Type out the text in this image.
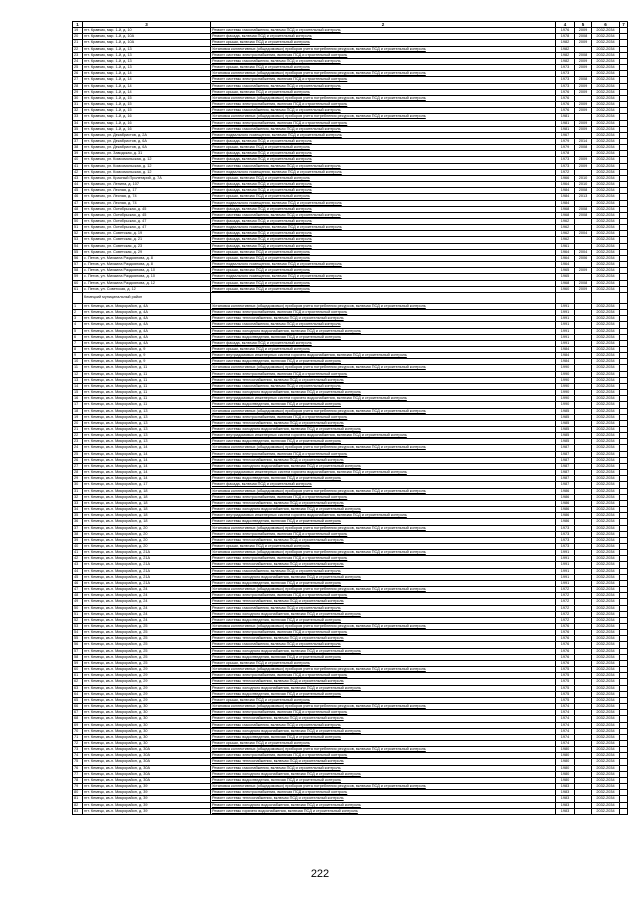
1	3	2	4	5	6	7
19	пгт. Кравчик, мкр. 1-й, д. 10	Ремонт системы газоснабжения, включая ПСД и строительный контроль	1976	2009	2032-2034	
20	пгт. Кравчик, мкр. 1-й, д. 10А	Ремонт фасада, включая ПСД и строительный контроль	1978	2008	2032-2034	
21	пгт. Кравчик, мкр. 1-й, д. 10А	Ремонт крыши, включая ПСД и строительный контроль	1982	2009	2032-2034	
22	пгт. Кравчик, мкр. 1-й, д. 13	Установка коллективных (общедомовых) приборов учета потребления ресурсов, включая ПСД и строительный контроль	1982		2032-2034	
23	пгт. Кравчик, мкр. 1-й, д. 13	Ремонт системы электроснабжения, включая ПСД и строительный контроль	1982	2008	2032-2034	
24	пгт. Кравчик, мкр. 1-й, д. 13	Ремонт системы газоснабжения, включая ПСД и строительный контроль	1982	2009	2032-2034	
25	пгт. Кравчик, мкр. 1-й, д. 13	Ремонт крыши, включая ПСД и строительный контроль	1973	2009	2032-2034	
26	пгт. Кравчик, мкр. 1-й, д. 14	Установка коллективных (общедомовых) приборов учета потребления ресурсов, включая ПСД и строительный контроль	1973		2032-2034	
27	пгт. Кравчик, мкр. 1-й, д. 14	Ремонт системы электроснабжения, включая ПСД и строительный контроль	1973	2008	2032-2034	
28	пгт. Кравчик, мкр. 1-й, д. 14	Ремонт системы газоснабжения, включая ПСД и строительный контроль	1973	2009	2032-2034	
29	пгт. Кравчик, мкр. 1-й, д. 14	Ремонт крыши, включая ПСД и строительный контроль	1976	2009	2032-2034	
30	пгт. Кравчик, мкр. 1-й, д. 15	Установка коллективных (общедомовых) приборов учета потребления ресурсов, включая ПСД и строительный контроль	1976		2032-2034	
31	пгт. Кравчик, мкр. 1-й, д. 15	Ремонт системы электроснабжения, включая ПСД и строительный контроль	1976	2009	2032-2034	
32	пгт. Кравчик, мкр. 1-й, д. 15	Ремонт системы газоснабжения, включая ПСД и строительный контроль	1976	2009	2032-2034	
33	пгт. Кравчик, мкр. 1-й, д. 16	Установка коллективных (общедомовых) приборов учета потребления ресурсов, включая ПСД и строительный контроль	1981		2032-2034	
34	пгт. Кравчик, мкр. 1-й, д. 16	Ремонт системы электроснабжения, включая ПСД и строительный контроль	1981	2009	2032-2034	
35	пгт. Кравчик, мкр. 1-й, д. 16	Ремонт системы газоснабжения, включая ПСД и строительный контроль	1981	2009	2032-2034	
36	пгт. Кравчик, ул. Декабристов, д. 2А	Ремонт подвального помещения, включая ПСД и строительный контроль	1967		2032-2034	
37	пгт. Кравчик, ул. Декабристов, д. 6А	Ремонт фасада, включая ПСД и строительный контроль	1979	2014	2032-2034	
38	пгт. Кравчик, ул. Декабристов, д. 6А	Ремонт крыши, включая ПСД и строительный контроль	1979	2008	2032-2034	
39	пгт. Кравчик, ул. Заводская, д. 31	Ремонт фасада, включая ПСД и строительный контроль	1978		2032-2034	
40	пгт. Кравчик, ул. Комсомольская, д. 12	Ремонт фасада, включая ПСД и строительный контроль	1973	2009	2032-2034	
41	пгт. Кравчик, ул. Комсомольская, д. 12	Ремонт системы газоснабжения, включая ПСД и строительный контроль	1973	2009	2032-2034	
42	пгт. Кравчик, ул. Комсомольская, д. 12	Ремонт подвального помещения, включая ПСД и строительный контроль	1972		2032-2034	
43	пгт. Кравчик, ул. Красный Пролетарий, д. 7А	Ремонт крыши, включая ПСД и строительный контроль	1966	2010	2032-2034	
44	пгт. Кравчик, ул. Ленина, д. 107	Ремонт фасада, включая ПСД и строительный контроль	1964	2010	2032-2034	
45	пгт. Кравчик, ул. Лесная, д. 17	Ремонт фасада, включая ПСД и строительный контроль	1984	2008	2032-2034	
46	пгт. Кравчик, ул. Лесная, д. 74	Ремонт крыши, включая ПСД и строительный контроль	1984	2013	2032-2034	
47	пгт. Кравчик, ул. Лесная, д. 74	Ремонт подвального помещения, включая ПСД и строительный контроль	1984		2032-2034	
48	пгт. Кравчик, ул. Октябрьская, д. 45	Ремонт фасада, включая ПСД и строительный контроль	1968	2008	2032-2034	
49	пгт. Кравчик, ул. Октябрьская, д. 45	Ремонт системы газоснабжения, включая ПСД и строительный контроль	1968	2008	2032-2034	
50	пгт. Кравчик, ул. Октябрьская, д. 47	Ремонт фасада, включая ПСД и строительный контроль	1962		2032-2034	
51	пгт. Кравчик, ул. Октябрьская, д. 47	Ремонт подвального помещения, включая ПСД и строительный контроль	1962		2032-2034	
52	пгт. Кравчик, ул. Советская, д. 19	Ремонт фасада, включая ПСД и строительный контроль	1962	2004	2032-2034	
53	пгт. Кравчик, ул. Советская, д. 21	Ремонт фасада, включая ПСД и строительный контроль	1962		2032-2034	
54	пгт. Кравчик, ул. Советская, д. 23	Ремонт фасада, включая ПСД и строительный контроль	1961		2032-2034	
55	пгт. Кравчик, ул. Советская, д. 29	Ремонт крыши, включая ПСД и строительный контроль	1964	2004	2032-2034	
56	с. Петов, ул. Михаила Раздоянова, д. 8	Ремонт крыши, включая ПСД и строительный контроль	1964	2006	2032-2034	
57	с. Петов, ул. Михаила Раздоянова, д. 8	Ремонт подвального помещения, включая ПСД и строительный контроль	1964		2032-2034	
58	с. Петов, ул. Михаила Раздоянова, д. 10	Ремонт крыши, включая ПСД и строительный контроль	1965	2009	2032-2034	
59	с. Петов, ул. Михаила Раздоянова, д. 10	Ремонт подвального помещения, включая ПСД и строительный контроль	1965		2032-2034	
60	с. Петов, ул. Михаила Раздоянова, д. 12	Ремонт крыши, включая ПСД и строительный контроль	1968	2008	2032-2034	
61	с. Петов, ул. Советская, д. 12	Ремонт крыши, включая ПСД и строительный контроль	1960	2009	2032-2034	
	Кемецкий муниципальный район					
1	пгт. Кемецк, кв-л. Микрорайон, д. 4А	Установка коллективных (общедомовых) приборов учета потребления ресурсов, включая ПСД и строительный контроль	1991		2032-2034	
2	пгт. Кемецк, кв-л. Микрорайон, д. 4А	Ремонт системы электроснабжения, включая ПСД и строительный контроль	1991		2032-2034	
3	пгт. Кемецк, кв-л. Микрорайон, д. 4А	Ремонт системы теплоснабжения, включая ПСД и строительный контроль	1991		2032-2034	
4	пгт. Кемецк, кв-л. Микрорайон, д. 4А	Ремонт системы газоснабжения, включая ПСД и строительный контроль	1991		2032-2034	
5	пгт. Кемецк, кв-л. Микрорайон, д. 4А	Ремонт системы холодного водоснабжения, включая ПСД и строительный контроль	1991		2032-2034	
6	пгт. Кемецк, кв-л. Микрорайон, д. 4А	Ремонт системы водоотведения, включая ПСД и строительный контроль	1991		2032-2034	
7	пгт. Кемецк, кв-л. Микрорайон, д. 4А	Ремонт фасада, включая ПСД и строительный контроль	1991		2032-2034	
8	пгт. Кемецк, кв-л. Микрорайон, д. 9	Ремонт крыши, включая ПСД и строительный контроль	1984		2032-2034	
9	пгт. Кемецк, кв-л. Микрорайон, д. 9	Ремонт внутридомовых инженерных систем горячего водоснабжения, включая ПСД и строительный контроль	1984		2032-2034	
10	пгт. Кемецк, кв-л. Микрорайон, д. 9	Ремонт системы водоотведения, включая ПСД и строительный контроль	1984		2032-2034	
11	пгт. Кемецк, кв-л. Микрорайон, д. 11	Установка коллективных (общедомовых) приборов учета потребления ресурсов, включая ПСД и строительный контроль	1990		2032-2034	
12	пгт. Кемецк, кв-л. Микрорайон, д. 11	Ремонт системы электроснабжения, включая ПСД и строительный контроль	1990		2032-2034	
13	пгт. Кемецк, кв-л. Микрорайон, д. 11	Ремонт системы теплоснабжения, включая ПСД и строительный контроль	1990		2032-2034	
14	пгт. Кемецк, кв-л. Микрорайон, д. 11	Ремонт системы газоснабжения, включая ПСД и строительный контроль	1990		2032-2034	
15	пгт. Кемецк, кв-л. Микрорайон, д. 11	Ремонт системы холодного водоснабжения, включая ПСД и строительный контроль	1990		2032-2034	
16	пгт. Кемецк, кв-л. Микрорайон, д. 11	Ремонт внутридомовых инженерных систем горячего водоснабжения, включая ПСД и строительный контроль	1990		2032-2034	
17	пгт. Кемецк, кв-л. Микрорайон, д. 11	Ремонт системы водоотведения, включая ПСД и строительный контроль	1990		2032-2034	
18	пгт. Кемецк, кв-л. Микрорайон, д. 13	Установка коллективных (общедомовых) приборов учета потребления ресурсов, включая ПСД и строительный контроль	1985		2032-2034	
19	пгт. Кемецк, кв-л. Микрорайон, д. 13	Ремонт системы электроснабжения, включая ПСД и строительный контроль	1985		2032-2034	
20	пгт. Кемецк, кв-л. Микрорайон, д. 13	Ремонт системы теплоснабжения, включая ПСД и строительный контроль	1985		2032-2034	
21	пгт. Кемецк, кв-л. Микрорайон, д. 13	Ремонт системы холодного водоснабжения, включая ПСД и строительный контроль	1985		2032-2034	
22	пгт. Кемецк, кв-л. Микрорайон, д. 13	Ремонт внутридомовых инженерных систем горячего водоснабжения, включая ПСД и строительный контроль	1985		2032-2034	
23	пгт. Кемецк, кв-л. Микрорайон, д. 13	Ремонт системы водоотведения, включая ПСД и строительный контроль	1985		2032-2034	
24	пгт. Кемецк, кв-л. Микрорайон, д. 14	Установка коллективных (общедомовых) приборов учета потребления ресурсов, включая ПСД и строительный контроль	1987		2032-2034	
25	пгт. Кемецк, кв-л. Микрорайон, д. 14	Ремонт системы электроснабжения, включая ПСД и строительный контроль	1987		2032-2034	
26	пгт. Кемецк, кв-л. Микрорайон, д. 14	Ремонт системы теплоснабжения, включая ПСД и строительный контроль	1987		2032-2034	
27	пгт. Кемецк, кв-л. Микрорайон, д. 14	Ремонт системы холодного водоснабжения, включая ПСД и строительный контроль	1987		2032-2034	
28	пгт. Кемецк, кв-л. Микрорайон, д. 14	Ремонт внутридомовых инженерных систем горячего водоснабжения, включая ПСД и строительный контроль	1987		2032-2034	
29	пгт. Кемецк, кв-л. Микрорайон, д. 14	Ремонт системы водоотведения, включая ПСД и строительный контроль	1987		2032-2034	
30	пгт. Кемецк, кв-л. Микрорайон, д. 17	Ремонт фасада, включая ПСД и строительный контроль	1987		2032-2034	
31	пгт. Кемецк, кв-л. Микрорайон, д. 18	Установка коллективных (общедомовых) приборов учета потребления ресурсов, включая ПСД и строительный контроль	1986		2032-2034	
32	пгт. Кемецк, кв-л. Микрорайон, д. 18	Ремонт системы электроснабжения, включая ПСД и строительный контроль	1986		2032-2034	
33	пгт. Кемецк, кв-л. Микрорайон, д. 18	Ремонт системы теплоснабжения, включая ПСД и строительный контроль	1986		2032-2034	
34	пгт. Кемецк, кв-л. Микрорайон, д. 18	Ремонт системы холодного водоснабжения, включая ПСД и строительный контроль	1986		2032-2034	
35	пгт. Кемецк, кв-л. Микрорайон, д. 18	Ремонт внутридомовых инженерных систем горячего водоснабжения, включая ПСД и строительный контроль	1986		2032-2034	
36	пгт. Кемецк, кв-л. Микрорайон, д. 18	Ремонт системы водоотведения, включая ПСД и строительный контроль	1986		2032-2034	
37	пгт. Кемецк, кв-л. Микрорайон, д. 20	Установка коллективных (общедомовых) приборов учета потребления ресурсов, включая ПСД и строительный контроль	1973		2032-2034	
38	пгт. Кемецк, кв-л. Микрорайон, д. 20	Ремонт системы электроснабжения, включая ПСД и строительный контроль	1973		2032-2034	
39	пгт. Кемецк, кв-л. Микрорайон, д. 20	Ремонт системы теплоснабжения, включая ПСД и строительный контроль	1973		2032-2034	
40	пгт. Кемецк, кв-л. Микрорайон, д. 20	Ремонт крыши, включая ПСД и строительный контроль	1973		2032-2034	
41	пгт. Кемецк, кв-л. Микрорайон, д. 21А	Установка коллективных (общедомовых) приборов учета потребления ресурсов, включая ПСД и строительный контроль	1991		2032-2034	
42	пгт. Кемецк, кв-л. Микрорайон, д. 21А	Ремонт системы электроснабжения, включая ПСД и строительный контроль	1991		2032-2034	
43	пгт. Кемецк, кв-л. Микрорайон, д. 21А	Ремонт системы теплоснабжения, включая ПСД и строительный контроль	1991		2032-2034	
44	пгт. Кемецк, кв-л. Микрорайон, д. 21А	Ремонт системы газоснабжения, включая ПСД и строительный контроль	1991		2032-2034	
45	пгт. Кемецк, кв-л. Микрорайон, д. 21А	Ремонт системы холодного водоснабжения, включая ПСД и строительный контроль	1991		2032-2034	
46	пгт. Кемецк, кв-л. Микрорайон, д. 21А	Ремонт системы водоотведения, включая ПСД и строительный контроль	1991		2032-2034	
47	пгт. Кемецк, кв-л. Микрорайон, д. 24	Установка коллективных (общедомовых) приборов учета потребления ресурсов, включая ПСД и строительный контроль	1972		2032-2034	
48	пгт. Кемецк, кв-л. Микрорайон, д. 24	Ремонт системы электроснабжения, включая ПСД и строительный контроль	1972		2032-2034	
49	пгт. Кемецк, кв-л. Микрорайон, д. 24	Ремонт системы теплоснабжения, включая ПСД и строительный контроль	1972		2032-2034	
50	пгт. Кемецк, кв-л. Микрорайон, д. 24	Ремонт системы газоснабжения, включая ПСД и строительный контроль	1972		2032-2034	
51	пгт. Кемецк, кв-л. Микрорайон, д. 24	Ремонт системы холодного водоснабжения, включая ПСД и строительный контроль	1972		2032-2034	
52	пгт. Кемецк, кв-л. Микрорайон, д. 24	Ремонт системы водоотведения, включая ПСД и строительный контроль	1972		2032-2034	
53	пгт. Кемецк, кв-л. Микрорайон, д. 25	Установка коллективных (общедомовых) приборов учета потребления ресурсов, включая ПСД и строительный контроль	1976		2032-2034	
54	пгт. Кемецк, кв-л. Микрорайон, д. 25	Ремонт системы электроснабжения, включая ПСД и строительный контроль	1976		2032-2034	
55	пгт. Кемецк, кв-л. Микрорайон, д. 25	Ремонт системы теплоснабжения, включая ПСД и строительный контроль	1976		2032-2034	
56	пгт. Кемецк, кв-л. Микрорайон, д. 25	Ремонт системы газоснабжения, включая ПСД и строительный контроль	1976		2032-2034	
57	пгт. Кемецк, кв-л. Микрорайон, д. 25	Ремонт системы холодного водоснабжения, включая ПСД и строительный контроль	1976		2032-2034	
58	пгт. Кемецк, кв-л. Микрорайон, д. 25	Ремонт системы водоотведения, включая ПСД и строительный контроль	1976		2032-2034	
59	пгт. Кемецк, кв-л. Микрорайон, д. 25	Ремонт крыши, включая ПСД и строительный контроль	1976		2032-2034	
60	пгт. Кемецк, кв-л. Микрорайон, д. 29	Установка коллективных (общедомовых) приборов учета потребления ресурсов, включая ПСД и строительный контроль	1975		2032-2034	
61	пгт. Кемецк, кв-л. Микрорайон, д. 29	Ремонт системы электроснабжения, включая ПСД и строительный контроль	1975		2032-2034	
62	пгт. Кемецк, кв-л. Микрорайон, д. 29	Ремонт системы теплоснабжения, включая ПСД и строительный контроль	1975		2032-2034	
63	пгт. Кемецк, кв-л. Микрорайон, д. 29	Ремонт системы холодного водоснабжения, включая ПСД и строительный контроль	1975		2032-2034	
64	пгт. Кемецк, кв-л. Микрорайон, д. 29	Ремонт системы водоотведения, включая ПСД и строительный контроль	1975		2032-2034	
65	пгт. Кемецк, кв-л. Микрорайон, д. 29	Ремонт крыши, включая ПСД и строительный контроль	1975		2032-2034	
66	пгт. Кемецк, кв-л. Микрорайон, д. 30	Установка коллективных (общедомовых) приборов учета потребления ресурсов, включая ПСД и строительный контроль	1974		2032-2034	
67	пгт. Кемецк, кв-л. Микрорайон, д. 30	Ремонт системы электроснабжения, включая ПСД и строительный контроль	1974		2032-2034	
68	пгт. Кемецк, кв-л. Микрорайон, д. 30	Ремонт системы теплоснабжения, включая ПСД и строительный контроль	1974		2032-2034	
69	пгт. Кемецк, кв-л. Микрорайон, д. 30	Ремонт системы газоснабжения, включая ПСД и строительный контроль	1974		2032-2034	
70	пгт. Кемецк, кв-л. Микрорайон, д. 30	Ремонт системы холодного водоснабжения, включая ПСД и строительный контроль	1974		2032-2034	
71	пгт. Кемецк, кв-л. Микрорайон, д. 30	Ремонт системы водоотведения, включая ПСД и строительный контроль	1974		2032-2034	
72	пгт. Кемецк, кв-л. Микрорайон, д. 30	Ремонт крыши, включая ПСД и строительный контроль	1974		2032-2034	
73	пгт. Кемецк, кв-л. Микрорайон, д. 30А	Установка коллективных (общедомовых) приборов учета потребления ресурсов, включая ПСД и строительный контроль	1980		2032-2034	
74	пгт. Кемецк, кв-л. Микрорайон, д. 30А	Ремонт системы электроснабжения, включая ПСД и строительный контроль	1980		2032-2034	
75	пгт. Кемецк, кв-л. Микрорайон, д. 30А	Ремонт системы теплоснабжения, включая ПСД и строительный контроль	1980		2032-2034	
76	пгт. Кемецк, кв-л. Микрорайон, д. 30А	Ремонт системы газоснабжения, включая ПСД и строительный контроль	1980		2032-2034	
77	пгт. Кемецк, кв-л. Микрорайон, д. 30А	Ремонт системы холодного водоснабжения, включая ПСД и строительный контроль	1980		2032-2034	
78	пгт. Кемецк, кв-л. Микрорайон, д. 30А	Ремонт системы водоотведения, включая ПСД и строительный контроль	1980		2032-2034	
79	пгт. Кемецк, кв-л. Микрорайон, д. 39	Установка коллективных (общедомовых) приборов учета потребления ресурсов, включая ПСД и строительный контроль	1983		2032-2034	
80	пгт. Кемецк, кв-л. Микрорайон, д. 39	Ремонт системы электроснабжения, включая ПСД и строительный контроль	1983		2032-2034	
81	пгт. Кемецк, кв-л. Микрорайон, д. 39	Ремонт системы теплоснабжения, включая ПСД и строительный контроль	1983		2032-2034	
82	пгт. Кемецк, кв-л. Микрорайон, д. 39	Ремонт системы холодного водоснабжения, включая ПСД и строительный контроль	1983		2032-2034	
83	пгт. Кемецк, кв-л. Микрорайон, д. 39	Ремонт системы горячего водоснабжения, включая ПСД и строительный контроль	1983		2032-2034	
222
